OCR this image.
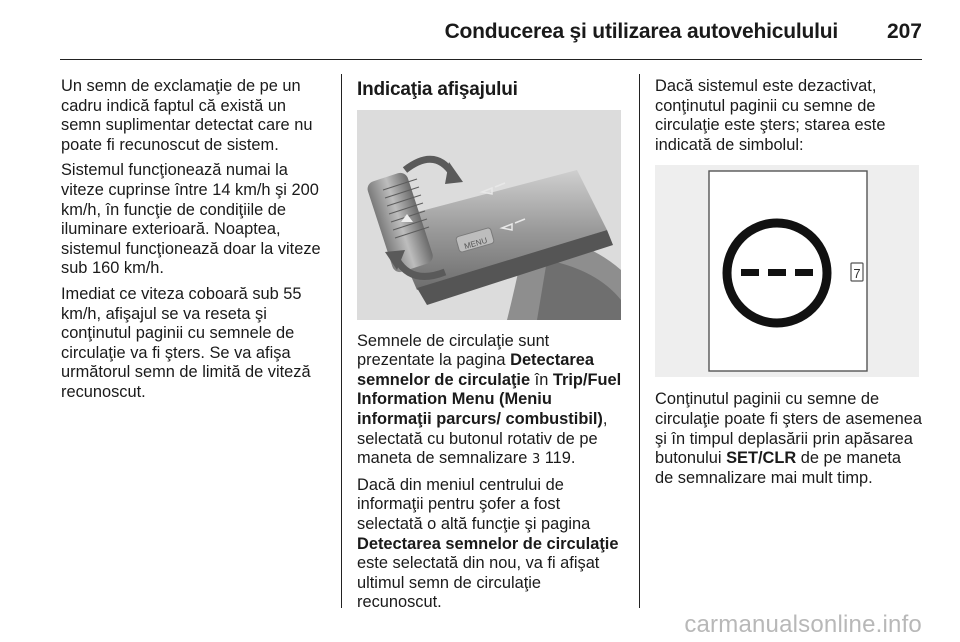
Conducerea şi utilizarea autovehiculului 207

Un semn de exclamaţie de pe un cadru indică faptul că există un semn suplimentar detectat care nu poate fi recunoscut de sistem.

Sistemul funcţionează numai la viteze cuprinse între 14 km/h şi 200 km/h, în funcţie de condiţiile de iluminare exterioară. Noaptea, sistemul funcţionează doar la viteze sub 160 km/h.

Imediat ce viteza coboară sub 55 km/h, afişajul se va reseta şi conţinutul paginii cu semnele de circulaţie va fi şters. Se va afişa următorul semn de limită de viteză recunoscut.

Indicaţia afişajului
MENU

Semnele de circulaţie sunt prezentate la pagina Detectarea semnelor de circulaţie în Trip/Fuel Information Menu (Meniu informaţii parcurs/ combustibil), selectată cu butonul rotativ de pe maneta de semnalizare 3 119.

Dacă din meniul centrului de informaţii pentru şofer a fost selectată o altă funcţie şi pagina Detectarea semnelor de circulaţie este selectată din nou, va fi afişat ultimul semn de circulaţie recunoscut.

Dacă sistemul este dezactivat, conţinutul paginii cu semne de circulaţie este şters; starea este indicată de simbolul:

7

Conţinutul paginii cu semne de circulaţie poate fi şters de asemenea şi în timpul deplasării prin apăsarea butonului SET/CLR de pe maneta de semnalizare mai mult timp.

carmanualsonline.info
